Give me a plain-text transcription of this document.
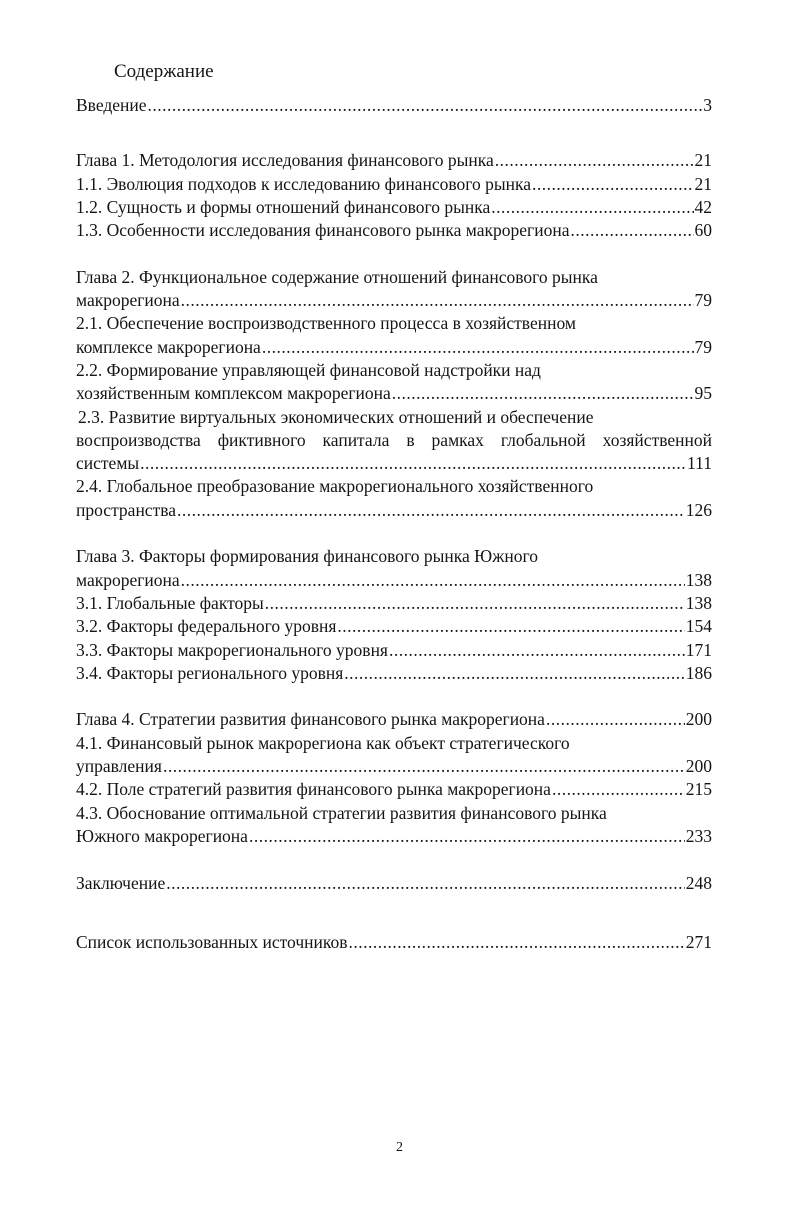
Содержание
Введение .....	3
Глава 1. Методология исследования финансового рынка .....	21
1.1. Эволюция подходов к исследованию финансового рынка .....	21
1.2. Сущность и формы отношений финансового рынка .....	42
1.3. Особенности исследования финансового рынка макрорегиона .....	60
Глава 2. Функциональное содержание отношений финансового рынка
макрорегиона .....	79
2.1. Обеспечение воспроизводственного процесса в хозяйственном
комплексе макрорегиона .....	79
2.2. Формирование управляющей финансовой надстройки над
хозяйственным комплексом макрорегиона .....	95
2.3. Развитие виртуальных экономических отношений и обеспечение
воспроизводства фиктивного капитала в рамках глобальной хозяйственной
системы .....	111
2.4. Глобальное преобразование макрорегионального хозяйственного
пространства .....	126
Глава 3. Факторы формирования финансового рынка Южного
макрорегиона .....	138
3.1. Глобальные факторы .....	138
3.2. Факторы федерального уровня .....	154
3.3. Факторы макрорегионального уровня .....	171
3.4. Факторы регионального уровня .....	186
Глава 4. Стратегии развития финансового рынка макрорегиона .....	200
4.1. Финансовый рынок макрорегиона как объект стратегического
управления .....	200
4.2. Поле стратегий развития финансового рынка макрорегиона .....	215
4.3. Обоснование оптимальной стратегии развития финансового рынка
Южного макрорегиона .....	233
Заключение .....	248
Список использованных источников .....	271
2
